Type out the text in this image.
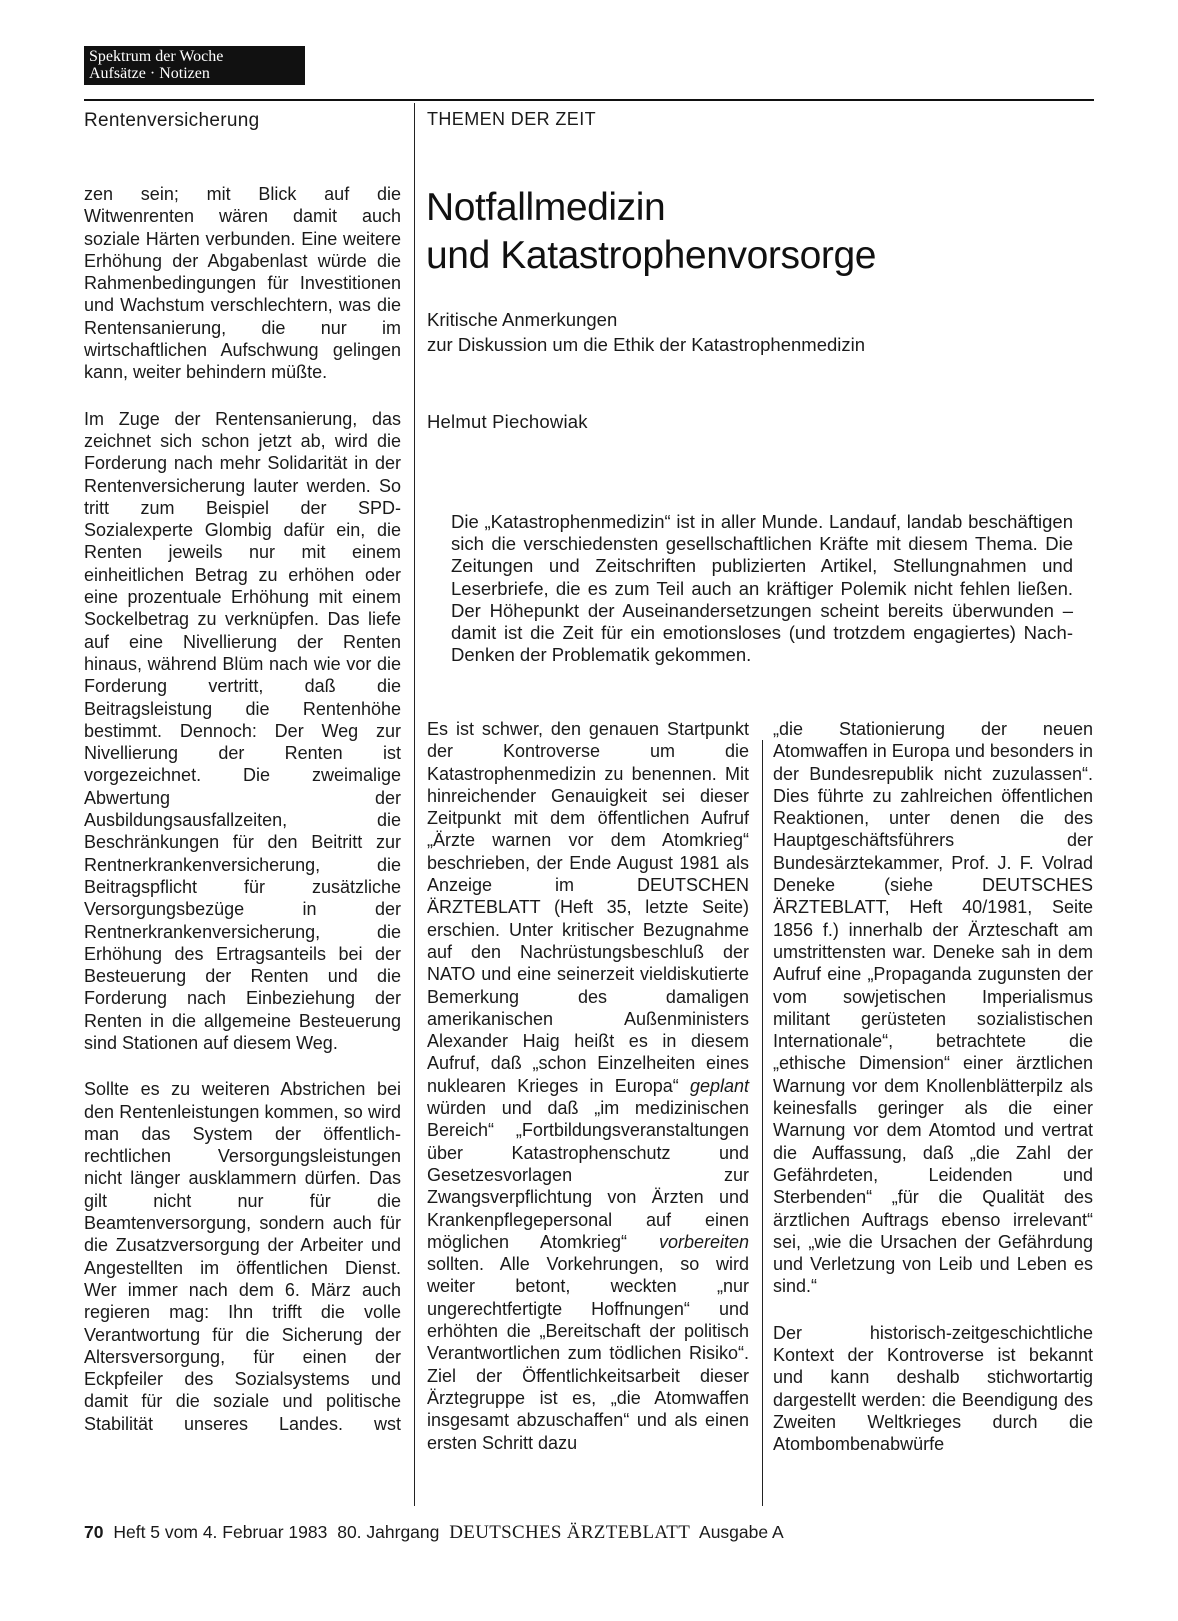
Spektrum der Woche
Aufsätze · Notizen
Rentenversicherung	THEMEN DER ZEIT
Notfallmedizin
und Katastrophenvorsorge
Kritische Anmerkungen
zur Diskussion um die Ethik der Katastrophenmedizin
Helmut Piechowiak

Die „Katastrophenmedizin“ ist in aller Munde. Landauf, landab beschäftigen sich die verschiedensten gesellschaftlichen Kräfte mit diesem Thema. Die Zeitungen und Zeitschriften publizierten Artikel, Stellungnahmen und Leserbriefe, die es zum Teil auch an kräftiger Polemik nicht fehlen ließen. Der Höhepunkt der Auseinandersetzungen scheint bereits überwunden – damit ist die Zeit für ein emotionsloses (und trotzdem engagiertes) Nach-Denken der Problematik gekommen.

zen sein; mit Blick auf die Witwenrenten wären damit auch soziale Härten verbunden. Eine weitere Erhöhung der Abgabenlast würde die Rahmenbedingungen für Investitionen und Wachstum verschlechtern, was die Rentensanierung, die nur im wirtschaftlichen Aufschwung gelingen kann, weiter behindern müßte.

Im Zuge der Rentensanierung, das zeichnet sich schon jetzt ab, wird die Forderung nach mehr Solidarität in der Rentenversicherung lauter werden. So tritt zum Beispiel der SPD-Sozialexperte Glombig dafür ein, die Renten jeweils nur mit einem einheitlichen Betrag zu erhöhen oder eine prozentuale Erhöhung mit einem Sockelbetrag zu verknüpfen. Das liefe auf eine Nivellierung der Renten hinaus, während Blüm nach wie vor die Forderung vertritt, daß die Beitragsleistung die Rentenhöhe bestimmt. Dennoch: Der Weg zur Nivellierung der Renten ist vorgezeichnet. Die zweimalige Abwertung der Ausbildungsausfallzeiten, die Beschränkungen für den Beitritt zur Rentnerkrankenversicherung, die Beitragspflicht für zusätzliche Versorgungsbezüge in der Rentnerkrankenversicherung, die Erhöhung des Ertragsanteils bei der Besteuerung der Renten und die Forderung nach Einbeziehung der Renten in die allgemeine Besteuerung sind Stationen auf diesem Weg.

Sollte es zu weiteren Abstrichen bei den Rentenleistungen kommen, so wird man das System der öffentlich-rechtlichen Versorgungsleistungen nicht länger ausklammern dürfen. Das gilt nicht nur für die Beamtenversorgung, sondern auch für die Zusatzversorgung der Arbeiter und Angestellten im öffentlichen Dienst. Wer immer nach dem 6. März auch regieren mag: Ihn trifft die volle Verantwortung für die Sicherung der Altersversorgung, für einen der Eckpfeiler des Sozialsystems und damit für die soziale und politische Stabilität unseres Landes. wst

Es ist schwer, den genauen Startpunkt der Kontroverse um die Katastrophenmedizin zu benennen. Mit hinreichender Genauigkeit sei dieser Zeitpunkt mit dem öffentlichen Aufruf „Ärzte warnen vor dem Atomkrieg“ beschrieben, der Ende August 1981 als Anzeige im DEUTSCHEN ÄRZTEBLATT (Heft 35, letzte Seite) erschien. Unter kritischer Bezugnahme auf den Nachrüstungsbeschluß der NATO und eine seinerzeit vieldiskutierte Bemerkung des damaligen amerikanischen Außenministers Alexander Haig heißt es in diesem Aufruf, daß „schon Einzelheiten eines nuklearen Krieges in Europa“ geplant würden und daß „im medizinischen Bereich“ „Fortbildungsveranstaltungen über Katastrophenschutz und Gesetzesvorlagen zur Zwangsverpflichtung von Ärzten und Krankenpflegepersonal auf einen möglichen Atomkrieg“ vorbereiten sollten. Alle Vorkehrungen, so wird weiter betont, weckten „nur ungerechtfertigte Hoffnungen“ und erhöhten die „Bereitschaft der politisch Verantwortlichen zum tödlichen Risiko“. Ziel der Öffentlichkeitsarbeit dieser Ärztegruppe ist es, „die Atomwaffen insgesamt abzuschaffen“ und als einen ersten Schritt dazu

„die Stationierung der neuen Atomwaffen in Europa und besonders in der Bundesrepublik nicht zuzulassen“. Dies führte zu zahlreichen öffentlichen Reaktionen, unter denen die des Hauptgeschäftsführers der Bundesärztekammer, Prof. J. F. Volrad Deneke (siehe DEUTSCHES ÄRZTEBLATT, Heft 40/1981, Seite 1856 f.) innerhalb der Ärzteschaft am umstrittensten war. Deneke sah in dem Aufruf eine „Propaganda zugunsten der vom sowjetischen Imperialismus militant gerüsteten sozialistischen Internationale“, betrachtete die „ethische Dimension“ einer ärztlichen Warnung vor dem Knollenblätterpilz als keinesfalls geringer als die einer Warnung vor dem Atomtod und vertrat die Auffassung, daß „die Zahl der Gefährdeten, Leidenden und Sterbenden“ „für die Qualität des ärztlichen Auftrags ebenso irrelevant“ sei, „wie die Ursachen der Gefährdung und Verletzung von Leib und Leben es sind.“

Der historisch-zeitgeschichtliche Kontext der Kontroverse ist bekannt und kann deshalb stichwortartig dargestellt werden: die Beendigung des Zweiten Weltkrieges durch die Atombombenabwürfe

70 Heft 5 vom 4. Februar 1983 80. Jahrgang DEUTSCHES ÄRZTEBLATT Ausgabe A
